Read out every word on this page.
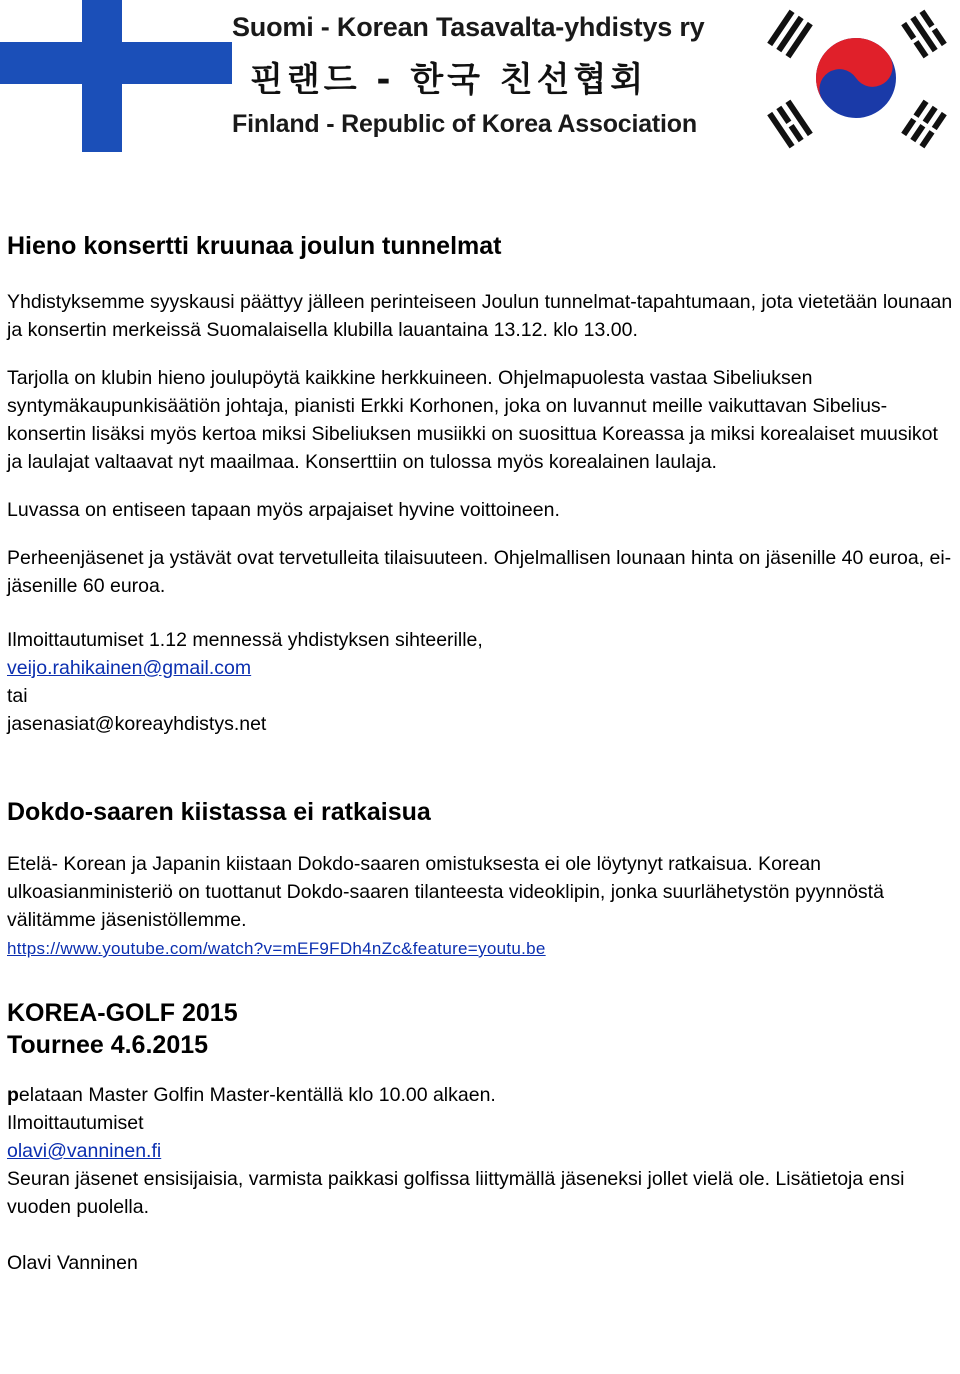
Suomi - Korean Tasavalta-yhdistys ry
핀랜드 - 한국 친선협회
Finland - Republic of Korea Association
Hieno konsertti kruunaa joulun tunnelmat

Yhdistyksemme syyskausi päättyy jälleen perinteiseen Joulun tunnelmat-tapahtumaan, jota vietetään lounaan ja konsertin merkeissä Suomalaisella klubilla lauantaina 13.12. klo 13.00.

Tarjolla on klubin hieno joulupöytä kaikkine herkkuineen. Ohjelmapuolesta vastaa Sibeliuksen syntymäkaupunkisäätiön johtaja, pianisti Erkki Korhonen, joka on luvannut meille vaikuttavan Sibelius-konsertin lisäksi myös kertoa miksi Sibeliuksen musiikki on suosittua Koreassa ja miksi korealaiset muusikot ja laulajat valtaavat nyt maailmaa. Konserttiin on tulossa myös korealainen laulaja.

Luvassa on entiseen tapaan myös arpajaiset hyvine voittoineen.

Perheenjäsenet ja ystävät ovat tervetulleita tilaisuuteen. Ohjelmallisen lounaan hinta on jäsenille 40 euroa, ei-jäsenille 60 euroa.

Ilmoittautumiset 1.12 mennessä yhdistyksen sihteerille,

veijo.rahikainen@gmail.com

tai

jasenasiat@koreayhdistys.net

Dokdo-saaren kiistassa ei ratkaisua

Etelä- Korean ja Japanin kiistaan Dokdo-saaren omistuksesta ei ole löytynyt ratkaisua. Korean ulkoasianministeriö on tuottanut Dokdo-saaren tilanteesta videoklipin, jonka suurlähetystön pyynnöstä välitämme jäsenistöllemme.

https://www.youtube.com/watch?v=mEF9FDh4nZc&feature=youtu.be

KOREA-GOLF 2015
Tournee 4.6.2015

pelataan Master Golfin Master-kentällä klo 10.00 alkaen.

Ilmoittautumiset

olavi@vanninen.fi

Seuran jäsenet ensisijaisia, varmista paikkasi golfissa liittymällä jäseneksi jollet vielä ole. Lisätietoja ensi vuoden puolella.

Olavi Vanninen
